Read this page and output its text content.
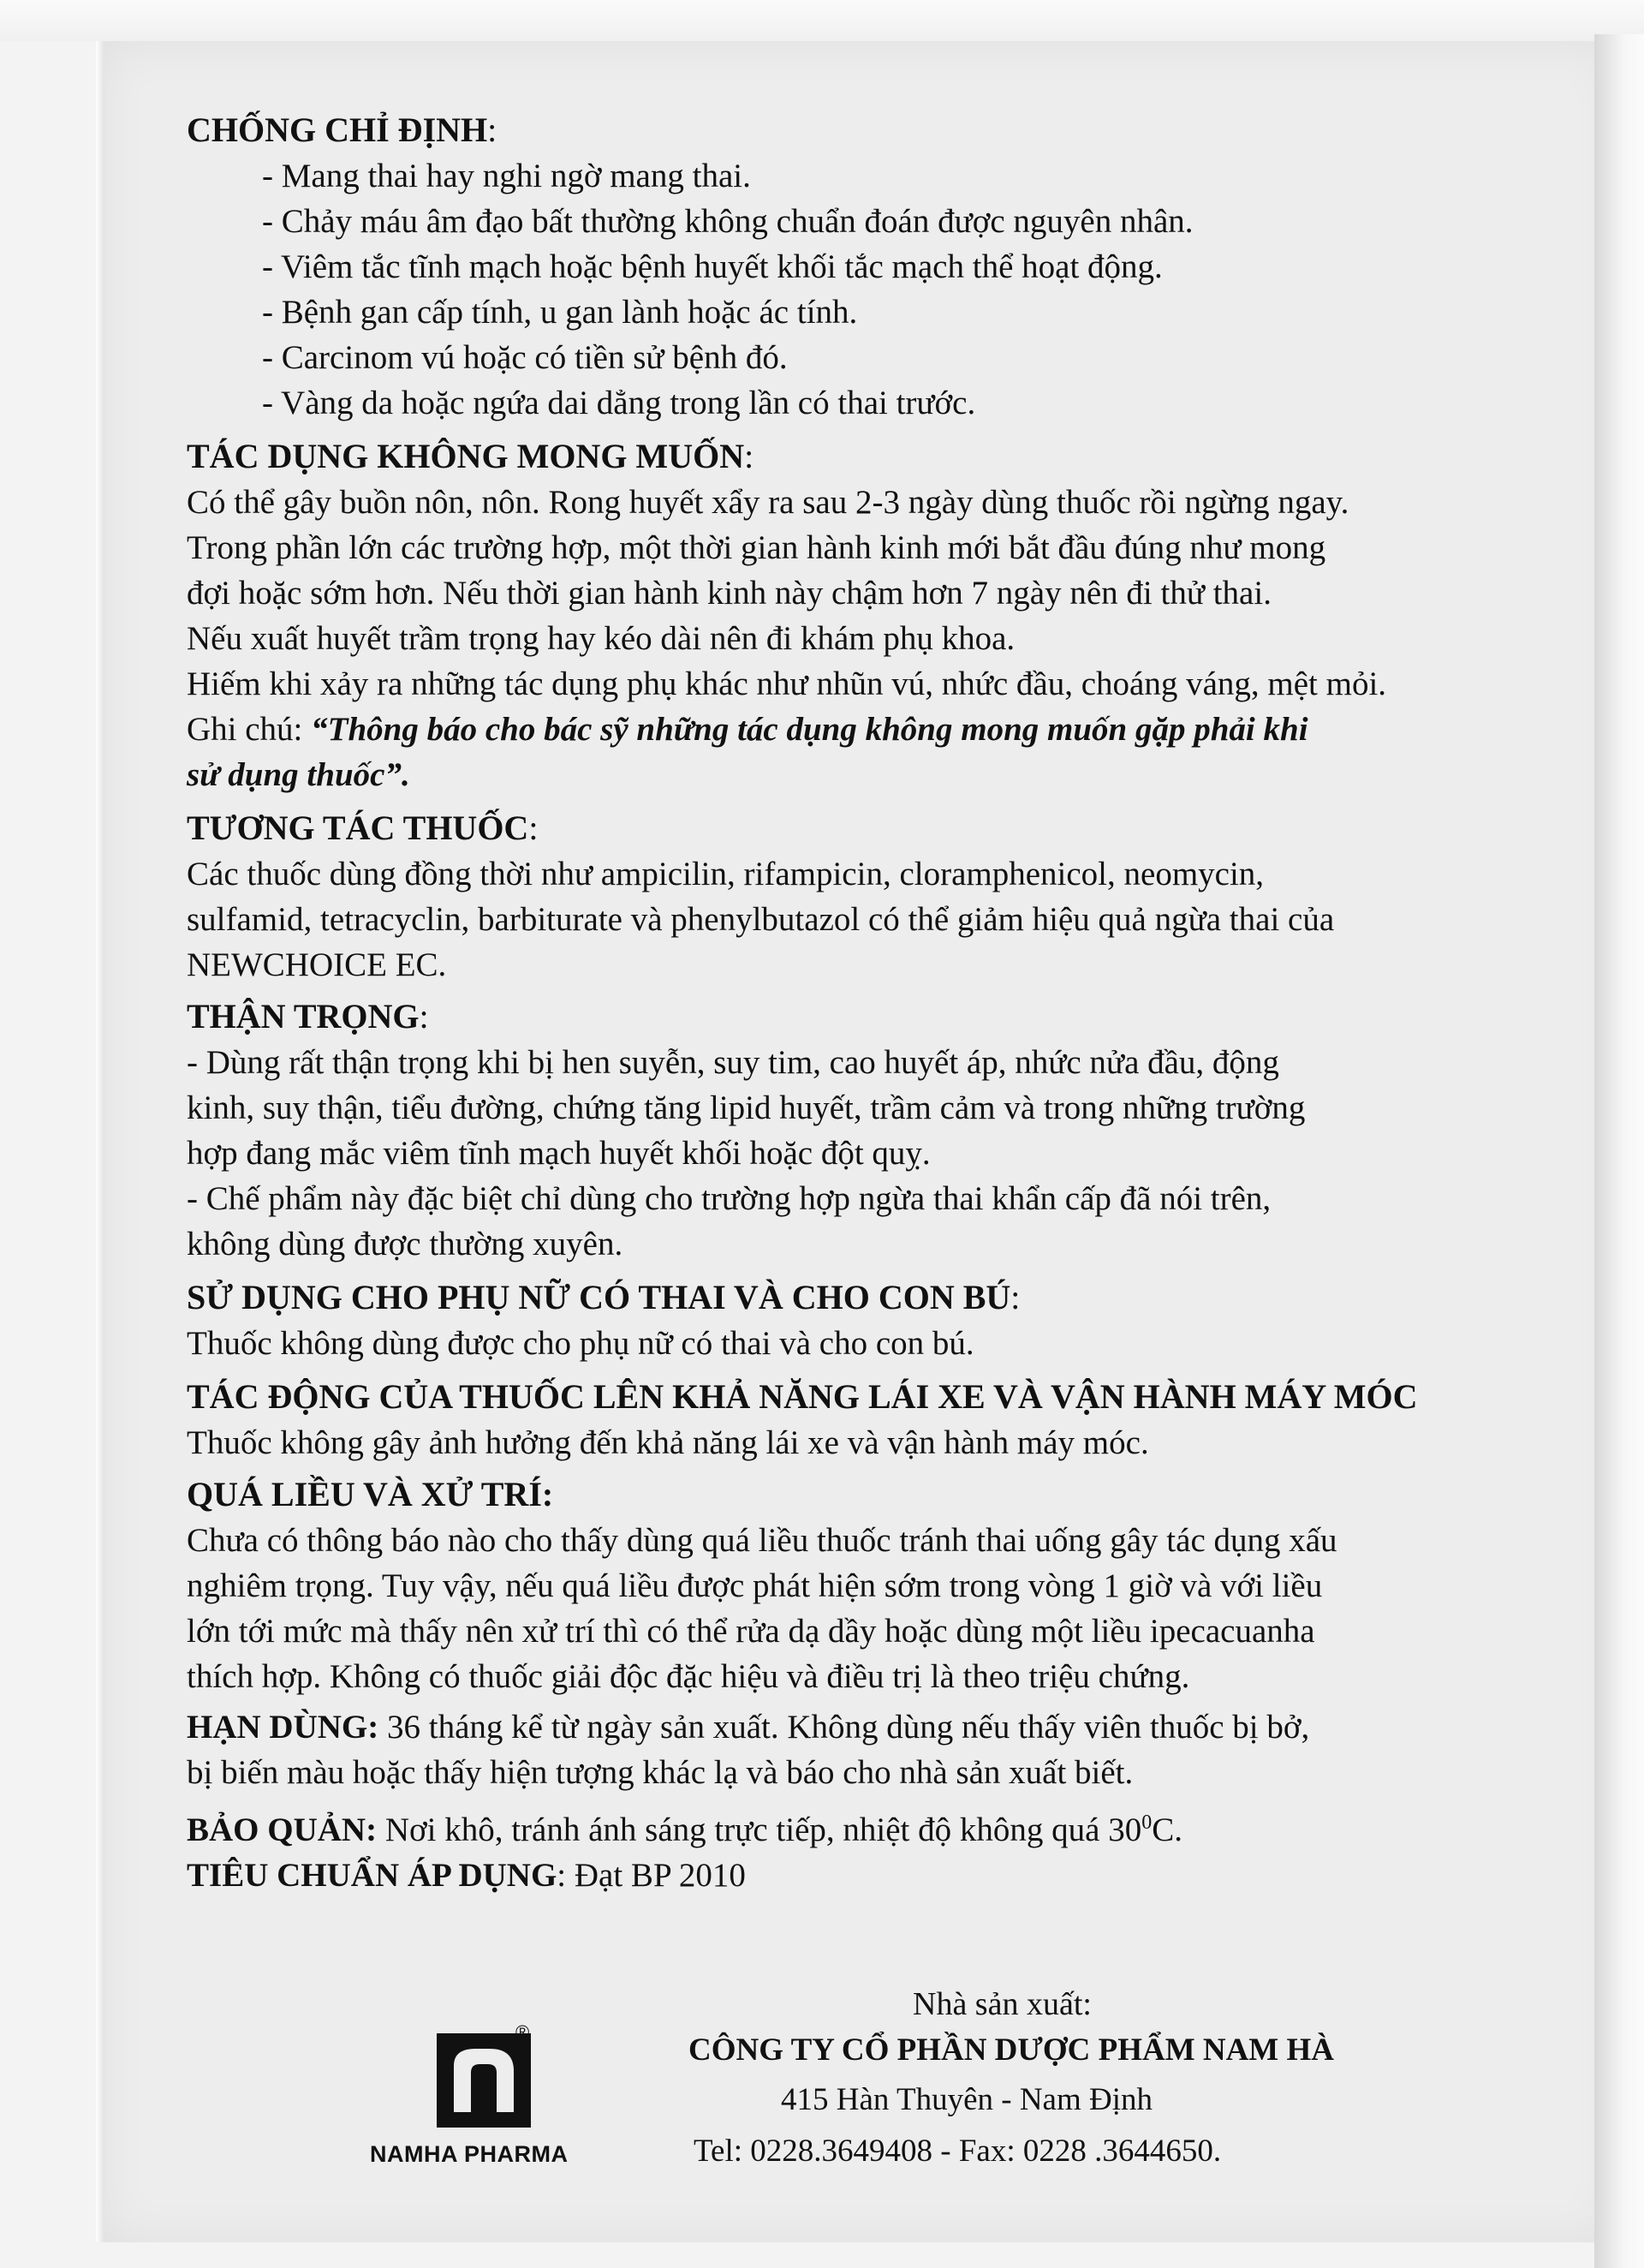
CHỐNG CHỈ ĐỊNH:
- Mang thai hay nghi ngờ mang thai.
- Chảy máu âm đạo bất thường không chuẩn đoán được nguyên nhân.
- Viêm tắc tĩnh mạch hoặc bệnh huyết khối tắc mạch thể hoạt động.
- Bệnh gan cấp tính, u gan lành hoặc ác tính.
- Carcinom vú hoặc có tiền sử bệnh đó.
- Vàng da hoặc ngứa dai dẳng trong lần có thai trước.
TÁC DỤNG KHÔNG MONG MUỐN:
Có thể gây buồn nôn, nôn. Rong huyết xẩy ra sau 2-3 ngày dùng thuốc rồi ngừng ngay.
Trong phần lớn các trường hợp, một thời gian hành kinh mới bắt đầu đúng như mong
đợi hoặc sớm hơn. Nếu thời gian hành kinh này chậm hơn 7 ngày nên đi thử thai.
Nếu xuất huyết trầm trọng hay kéo dài nên đi khám phụ khoa.
Hiếm khi xảy ra những tác dụng phụ khác như nhũn vú, nhức đầu, choáng váng, mệt mỏi.
Ghi chú: “Thông báo cho bác sỹ những tác dụng không mong muốn gặp phải khi
sử dụng thuốc”.
TƯƠNG TÁC THUỐC:
Các thuốc dùng đồng thời như ampicilin, rifampicin, cloramphenicol, neomycin,
sulfamid, tetracyclin, barbiturate và phenylbutazol có thể giảm hiệu quả ngừa thai của
NEWCHOICE EC.
THẬN TRỌNG:
- Dùng rất thận trọng khi bị hen suyễn, suy tim, cao huyết áp, nhức nửa đầu, động
kinh, suy thận, tiểu đường, chứng tăng lipid huyết, trầm cảm và trong những trường
hợp đang mắc viêm tĩnh mạch huyết khối hoặc đột quỵ.
- Chế phẩm này đặc biệt chỉ dùng cho trường hợp ngừa thai khẩn cấp đã nói trên,
không dùng được thường xuyên.
SỬ DỤNG CHO PHỤ NỮ CÓ THAI VÀ CHO CON BÚ:
Thuốc không dùng được cho phụ nữ có thai và cho con bú.
TÁC ĐỘNG CỦA THUỐC LÊN KHẢ NĂNG LÁI XE VÀ VẬN HÀNH MÁY MÓC
Thuốc không gây ảnh hưởng đến khả năng lái xe và vận hành máy móc.
QUÁ LIỀU VÀ XỬ TRÍ:
Chưa có thông báo nào cho thấy dùng quá liều thuốc tránh thai uống gây tác dụng xấu
nghiêm trọng. Tuy vậy, nếu quá liều được phát hiện sớm trong vòng 1 giờ và với liều
lớn tới mức mà thấy nên xử trí thì có thể rửa dạ dầy hoặc dùng một liều ipecacuanha
thích hợp. Không có thuốc giải độc đặc hiệu và điều trị là theo triệu chứng.
HẠN DÙNG: 36 tháng kể từ ngày sản xuất. Không dùng nếu thấy viên thuốc bị bở,
bị biến màu hoặc thấy hiện tượng khác lạ và báo cho nhà sản xuất biết.
BẢO QUẢN: Nơi khô, tránh ánh sáng trực tiếp, nhiệt độ không quá $30^0C$.
TIÊU CHUẨN ÁP DỤNG: Đạt BP 2010
Nhà sản xuất:
CÔNG TY CỔ PHẦN DƯỢC PHẨM NAM HÀ
415 Hàn Thuyên - Nam Định
Tel: 0228.3649408 - Fax: 0228 .3644650.
®
NAMHA PHARMA
